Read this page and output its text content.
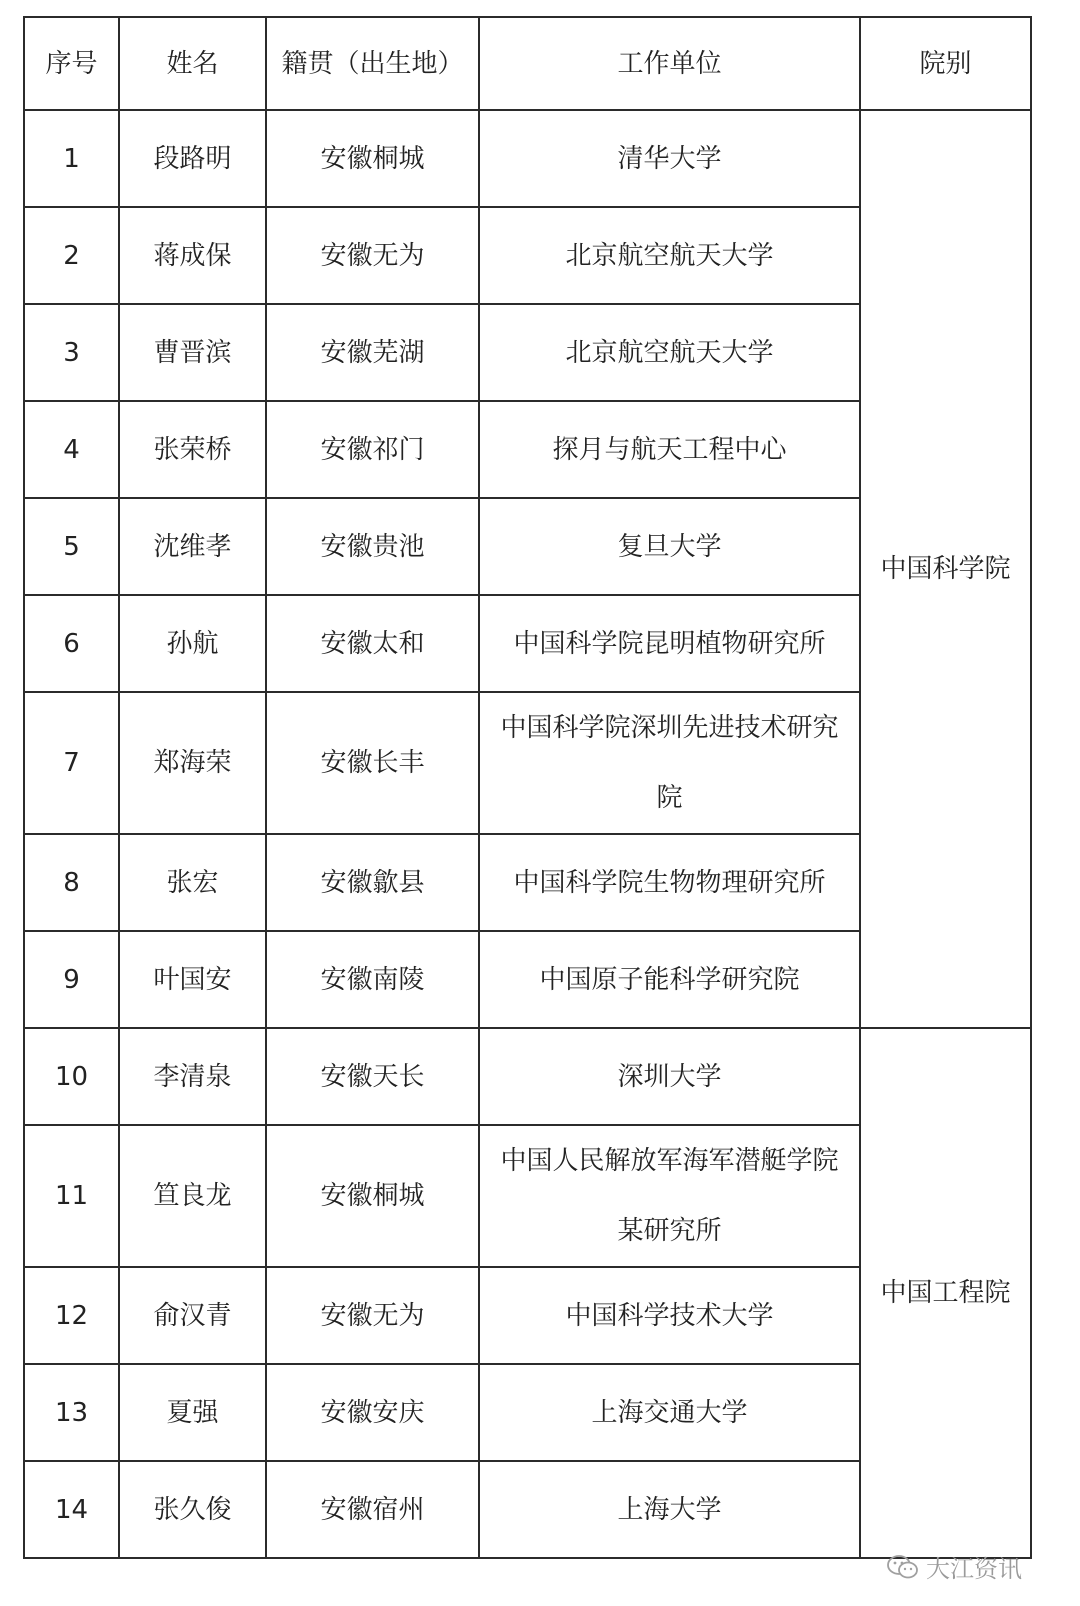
序号	姓名	籍贯（出生地）	工作单位	院别
1	段路明	安徽桐城	清华大学	中国科学院
2	蒋成保	安徽无为	北京航空航天大学	
3	曹晋滨	安徽芜湖	北京航空航天大学	
4	张荣桥	安徽祁门	探月与航天工程中心	
5	沈维孝	安徽贵池	复旦大学	
6	孙航	安徽太和	中国科学院昆明植物研究所	
7	郑海荣	安徽长丰	中国科学院深圳先进技术研究院	
8	张宏	安徽歙县	中国科学院生物物理研究所	
9	叶国安	安徽南陵	中国原子能科学研究院	
10	李清泉	安徽天长	深圳大学	中国工程院
11	笪良龙	安徽桐城	中国人民解放军海军潜艇学院某研究所	
12	俞汉青	安徽无为	中国科学技术大学	
13	夏强	安徽安庆	上海交通大学	
14	张久俊	安徽宿州	上海大学	
大江资讯
